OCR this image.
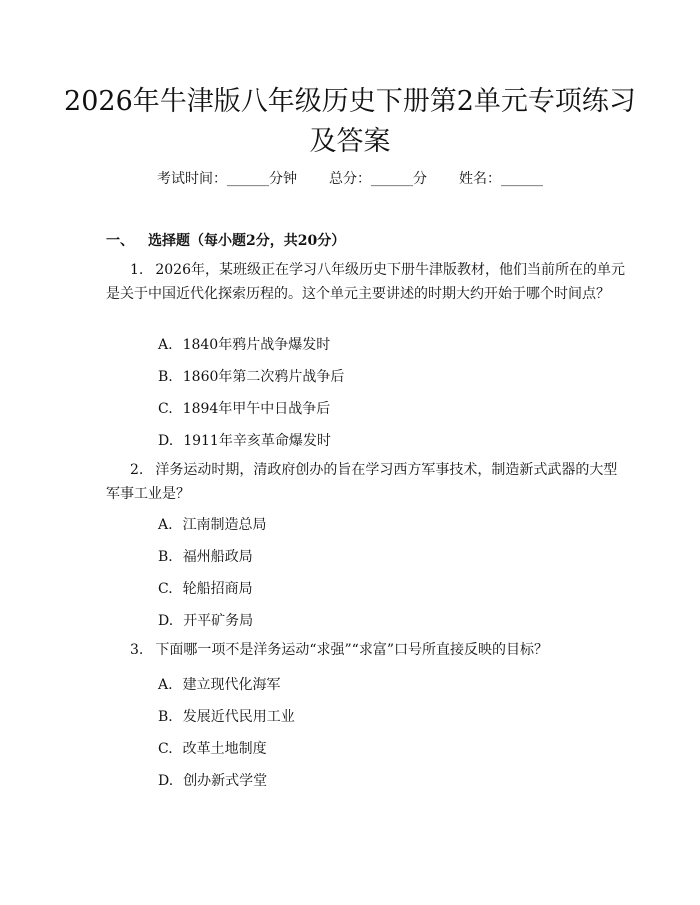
2026年牛津版八年级历史下册第2单元专项练习及答案
考试时间：______分钟 总分：______分 姓名：______
一、 选择题（每小题2分，共20分）

1. 2026年，某班级正在学习八年级历史下册牛津版教材，他们当前所在的单元是关于中国近代化探索历程的。这个单元主要讲述的时期大约开始于哪个时间点？

A. 1840年鸦片战争爆发时
B. 1860年第二次鸦片战争后
C. 1894年甲午中日战争后
D. 1911年辛亥革命爆发时

2. 洋务运动时期，清政府创办的旨在学习西方军事技术，制造新式武器的大型军事工业是？

A. 江南制造总局
B. 福州船政局
C. 轮船招商局
D. 开平矿务局

3. 下面哪一项不是洋务运动“求强”“求富”口号所直接反映的目标？

A. 建立现代化海军
B. 发展近代民用工业
C. 改革土地制度
D. 创办新式学堂
